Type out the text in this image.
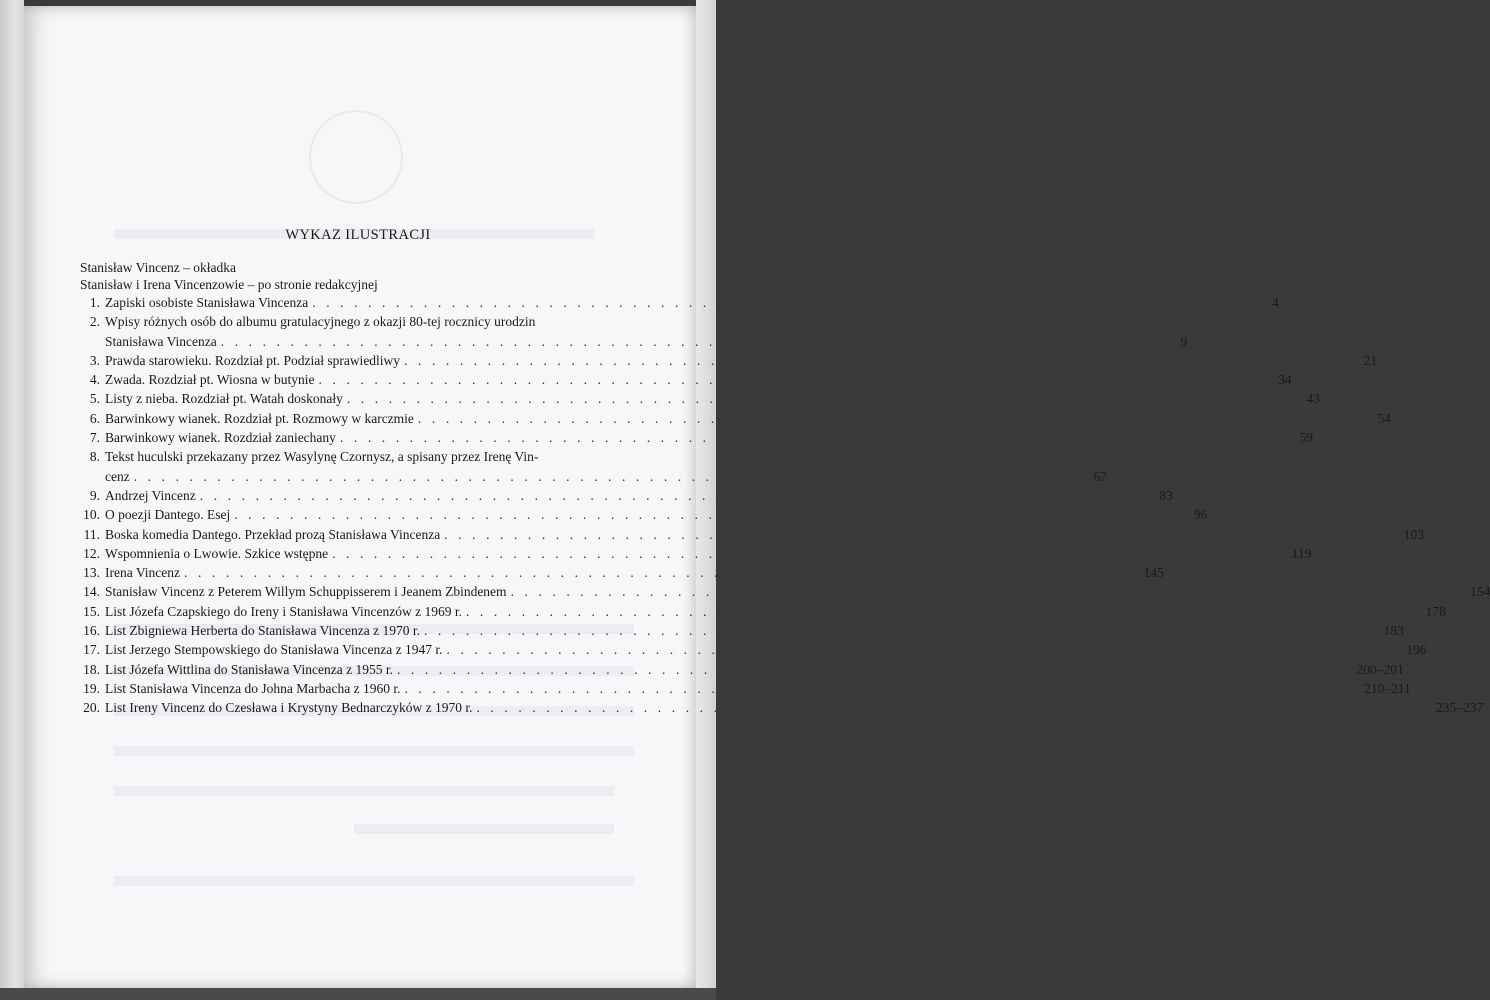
WYKAZ ILUSTRACJI
Stanisław Vincenz – okładka
Stanisław i Irena Vincenzowie – po stronie redakcyjnej
1. Zapiski osobiste Stanisława Vincenza . . . . . . . . . . . . . . . . . . . . . . . . . . . . . . . . . . . . . . . . . . . . . . . . . . . . . . . . . . . . . . . . . . . . . 4
2. Wpisy różnych osób do albumu gratulacyjnego z okazji 80-tej rocznicy urodzin
Stanisława Vincenza . . . . . . . . . . . . . . . . . . . . . . . . . . . . . . . . . . . . . . . . . . . . . . . . . . . . . . . . . . . . . . . . . . . . . 9
3. Prawda starowieku. Rozdział pt. Podział sprawiedliwy . . . . . . . . . . . . . . . . . . . . . . . . . . . . . . . . . . . . . . . . . . . . . . . . . . . . . . . . . . . . . . . . . . . . . 21
4. Zwada. Rozdział pt. Wiosna w butynie . . . . . . . . . . . . . . . . . . . . . . . . . . . . . . . . . . . . . . . . . . . . . . . . . . . . . . . . . . . . . . . . . . . . . 34
5. Listy z nieba. Rozdział pt. Watah doskonały . . . . . . . . . . . . . . . . . . . . . . . . . . . . . . . . . . . . . . . . . . . . . . . . . . . . . . . . . . . . . . . . . . . . . 43
6. Barwinkowy wianek. Rozdział pt. Rozmowy w karczmie . . . . . . . . . . . . . . . . . . . . . . . . . . . . . . . . . . . . . . . . . . . . . . . . . . . . . . . . . . . . . . . . . . . . . 54
7. Barwinkowy wianek. Rozdział zaniechany . . . . . . . . . . . . . . . . . . . . . . . . . . . . . . . . . . . . . . . . . . . . . . . . . . . . . . . . . . . . . . . . . . . . . 59
8. Tekst huculski przekazany przez Wasylynę Czornysz, a spisany przez Irenę Vin-
cenz . . . . . . . . . . . . . . . . . . . . . . . . . . . . . . . . . . . . . . . . . . . . . . . . . . . . . . . . . . . . . . . . . . . . . 67
9. Andrzej Vincenz . . . . . . . . . . . . . . . . . . . . . . . . . . . . . . . . . . . . . . . . . . . . . . . . . . . . . . . . . . . . . . . . . . . . . 83
10. O poezji Dantego. Esej . . . . . . . . . . . . . . . . . . . . . . . . . . . . . . . . . . . . . . . . . . . . . . . . . . . . . . . . . . . . . . . . . . . . . 96
11. Boska komedia Dantego. Przekład prozą Stanisława Vincenza . . . . . . . . . . . . . . . . . . . . . . . . . . . . . . . . . . . . . . . . . . . . . . . . . . . . . . . . . . . . . . . . . . . . . 103
12. Wspomnienia o Lwowie. Szkice wstępne . . . . . . . . . . . . . . . . . . . . . . . . . . . . . . . . . . . . . . . . . . . . . . . . . . . . . . . . . . . . . . . . . . . . . 119
13. Irena Vincenz . . . . . . . . . . . . . . . . . . . . . . . . . . . . . . . . . . . . . . . . . . . . . . . . . . . . . . . . . . . . . . . . . . . . . 145
14. Stanisław Vincenz z Peterem Willym Schuppisserem i Jeanem Zbindenem . . . . . . . . . . . . . . . . . . . . . . . . . . . . . . . . . . . . . . . . . . . . . . . . . . . . . . . . . . . . . . . . . . . . . 154
15. List Józefa Czapskiego do Ireny i Stanisława Vincenzów z 1969 r. . . . . . . . . . . . . . . . . . . . . . . . . . . . . . . . . . . . . . . . . . . . . . . . . . . . . . . . . . . . . . . . . . . . . . 178
16. List Zbigniewa Herberta do Stanisława Vincenza z 1970 r. . . . . . . . . . . . . . . . . . . . . . . . . . . . . . . . . . . . . . . . . . . . . . . . . . . . . . . . . . . . . . . . . . . . . . 183
17. List Jerzego Stempowskiego do Stanisława Vincenza z 1947 r. . . . . . . . . . . . . . . . . . . . . . . . . . . . . . . . . . . . . . . . . . . . . . . . . . . . . . . . . . . . . . . . . . . . . . 196
18. List Józefa Wittlina do Stanisława Vincenza z 1955 r. . . . . . . . . . . . . . . . . . . . . . . . . . . . . . . . . . . . . . . . . . . . . . . . . . . . . . . . . . . . . . . . . . . . . . 200–201
19. List Stanisława Vincenza do Johna Marbacha z 1960 r. . . . . . . . . . . . . . . . . . . . . . . . . . . . . . . . . . . . . . . . . . . . . . . . . . . . . . . . . . . . . . . . . . . . . . 210–211
20. List Ireny Vincenz do Czesława i Krystyny Bednarczyków z 1970 r. . . . . . . . . . . . . . . . . . . . . . . . . . . . . . . . . . . . . . . . . . . . . . . . . . . . . . . . . . . . . . . . . . . . . . 235–237
